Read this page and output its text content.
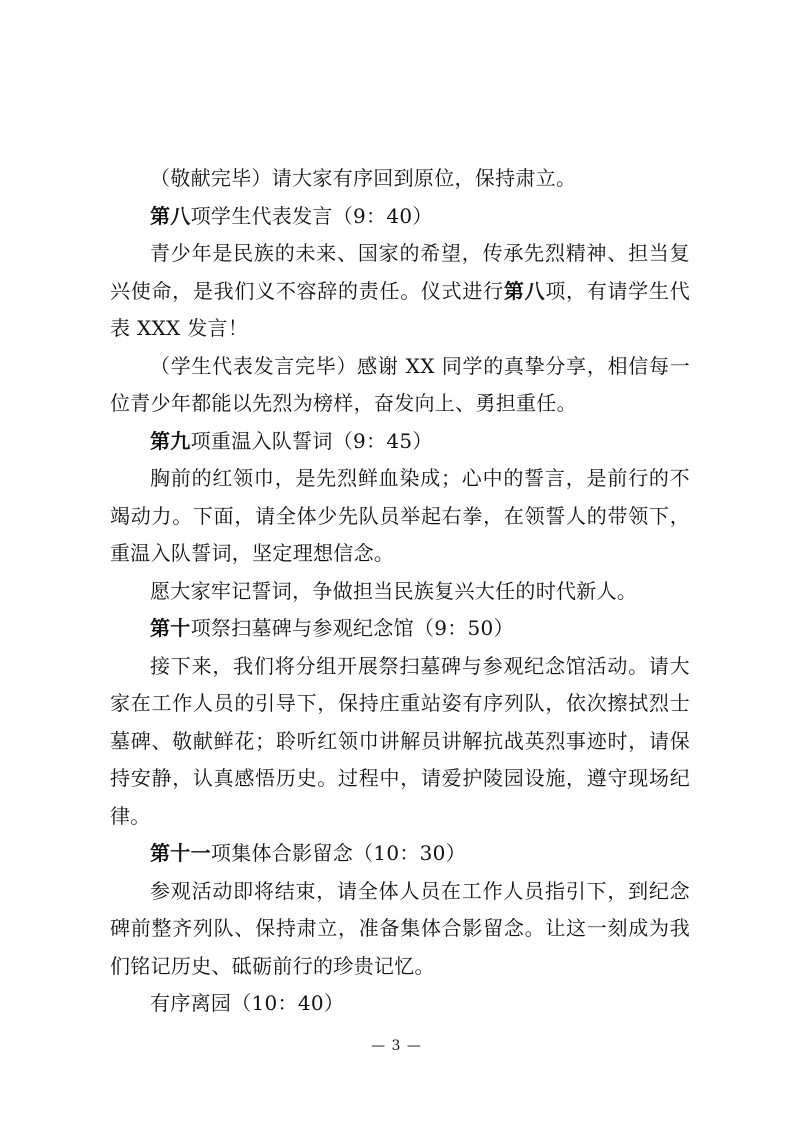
（敬献完毕）请大家有序回到原位，保持肃立。

第八项学生代表发言（9：40）

青少年是民族的未来、国家的希望，传承先烈精神、担当复兴使命，是我们义不容辞的责任。仪式进行第八项，有请学生代表 XXX 发言！

（学生代表发言完毕）感谢 XX 同学的真挚分享，相信每一位青少年都能以先烈为榜样，奋发向上、勇担重任。

第九项重温入队誓词（9：45）

胸前的红领巾，是先烈鲜血染成；心中的誓言，是前行的不竭动力。下面，请全体少先队员举起右拳，在领誓人的带领下，重温入队誓词，坚定理想信念。

愿大家牢记誓词，争做担当民族复兴大任的时代新人。

第十项祭扫墓碑与参观纪念馆（9：50）

接下来，我们将分组开展祭扫墓碑与参观纪念馆活动。请大家在工作人员的引导下，保持庄重站姿有序列队，依次擦拭烈士墓碑、敬献鲜花；聆听红领巾讲解员讲解抗战英烈事迹时，请保持安静，认真感悟历史。过程中，请爱护陵园设施，遵守现场纪律。

第十一项集体合影留念（10：30）

参观活动即将结束，请全体人员在工作人员指引下，到纪念碑前整齐列队、保持肃立，准备集体合影留念。让这一刻成为我们铭记历史、砥砺前行的珍贵记忆。

有序离园（10：40）

— 3 —
